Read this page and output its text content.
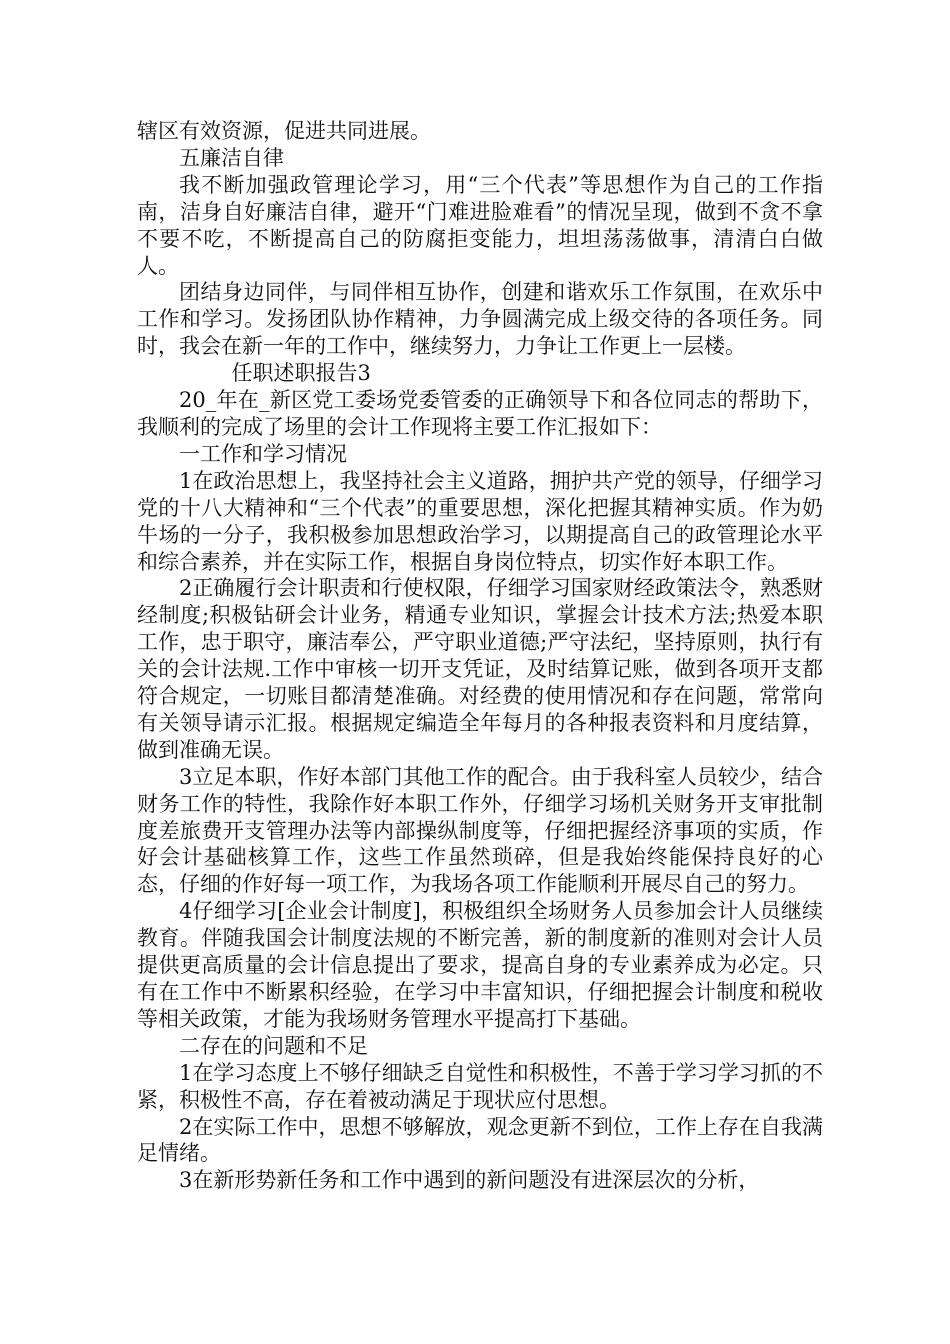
辖区有效资源，促进共同进展。

五廉洁自律

我不断加强政管理论学习，用“三个代表”等思想作为自己的工作指南，洁身自好廉洁自律，避开“门难进脸难看”的情况呈现，做到不贪不拿不要不吃，不断提高自己的防腐拒变能力，坦坦荡荡做事，清清白白做人。

团结身边同伴，与同伴相互协作，创建和谐欢乐工作氛围，在欢乐中工作和学习。发扬团队协作精神，力争圆满完成上级交待的各项任务。同时，我会在新一年的工作中，继续努力，力争让工作更上一层楼。

任职述职报告3

20_年在_新区党工委场党委管委的正确领导下和各位同志的帮助下，我顺利的完成了场里的会计工作现将主要工作汇报如下：

一工作和学习情况

1在政治思想上，我坚持社会主义道路，拥护共产党的领导，仔细学习党的十八大精神和“三个代表”的重要思想，深化把握其精神实质。作为奶牛场的一分子，我积极参加思想政治学习，以期提高自己的政管理论水平和综合素养，并在实际工作，根据自身岗位特点，切实作好本职工作。

2正确履行会计职责和行使权限，仔细学习国家财经政策法令，熟悉财经制度;积极钻研会计业务，精通专业知识，掌握会计技术方法;热爱本职工作，忠于职守，廉洁奉公，严守职业道德;严守法纪，坚持原则，执行有关的会计法规.工作中审核一切开支凭证，及时结算记账，做到各项开支都符合规定，一切账目都清楚准确。对经费的使用情况和存在问题，常常向有关领导请示汇报。根据规定编造全年每月的各种报表资料和月度结算，做到准确无误。

3立足本职，作好本部门其他工作的配合。由于我科室人员较少，结合财务工作的特性，我除作好本职工作外，仔细学习场机关财务开支审批制度差旅费开支管理办法等内部操纵制度等，仔细把握经济事项的实质，作好会计基础核算工作，这些工作虽然琐碎，但是我始终能保持良好的心态，仔细的作好每一项工作，为我场各项工作能顺利开展尽自己的努力。

4仔细学习[企业会计制度]，积极组织全场财务人员参加会计人员继续教育。伴随我国会计制度法规的不断完善，新的制度新的准则对会计人员提供更高质量的会计信息提出了要求，提高自身的专业素养成为必定。只有在工作中不断累积经验，在学习中丰富知识，仔细把握会计制度和税收等相关政策，才能为我场财务管理水平提高打下基础。

二存在的问题和不足

1在学习态度上不够仔细缺乏自觉性和积极性，不善于学习学习抓的不紧，积极性不高，存在着被动满足于现状应付思想。

2在实际工作中，思想不够解放，观念更新不到位，工作上存在自我满足情绪。

3在新形势新任务和工作中遇到的新问题没有进深层次的分析，
